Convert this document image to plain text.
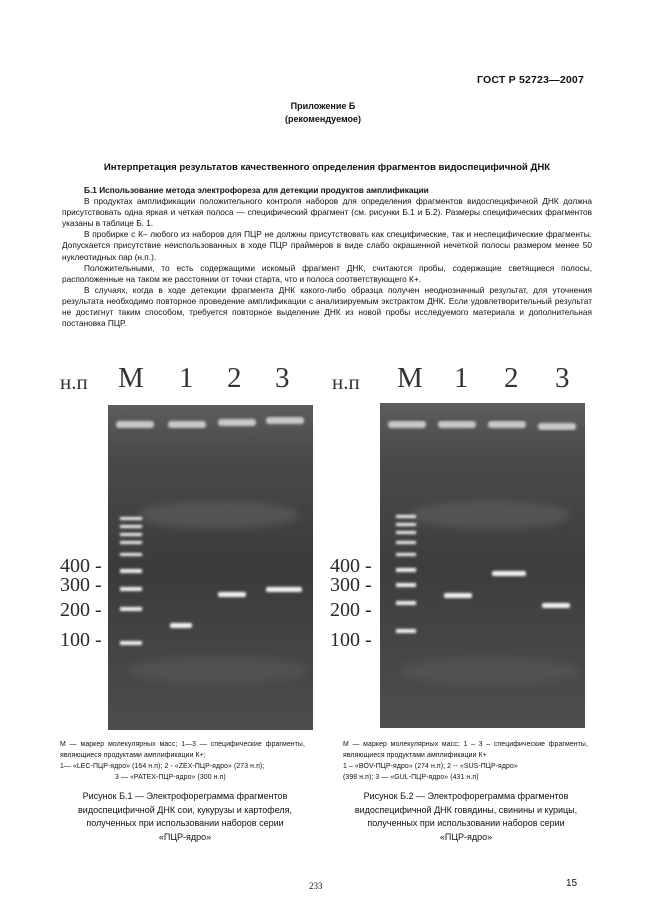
ГОСТ Р 52723—2007
Приложение Б
(рекомендуемое)
Интерпретация результатов качественного определения фрагментов видоспецифичной ДНК

Б.1 Использование метода электрофореза для детекции продуктов амплификации

В продуктах амплификации положительного контроля наборов для определения фрагментов видоспецифичной ДНК должна присутствовать одна яркая и четкая полоса — специфический фрагмент (см. рисунки Б.1 и Б.2). Размеры специфических фрагментов указаны в таблице Б. 1.

В пробирке с К– любого из наборов для ПЦР не должны присутствовать как специфические, так и неспецифические фрагменты. Допускается присутствие неиспользованных в ходе ПЦР праймеров в виде слабо окрашенной нечеткой полосы размером менее 50 нуклеотидных пар (н.п.).

Положительными, то есть содержащими искомый фрагмент ДНК, считаются пробы, содержащие светящиеся полосы, расположенные на таком же расстоянии от точки старта, что и полоса соответствующего К+.

В случаях, когда в ходе детекции фрагмента ДНК какого-либо образца получен неоднозначный результат, для уточнения результата необходимо повторное проведение амплификации с анализируемым экстрактом ДНК. Если удовлетворительный результат не достигнут таким способом, требуется повторное выделение ДНК из новой пробы исследуемого материала и дополнительная постановка ПЦР.

н.п M 1 2 3
400 -
300 -
200 -
100 -
М — маркер молекулярных масс; 1—3 — специфические фрагменты, являющиеся продуктами амплификации К+;
1— «LEC-ПЦР-ядро» (164 н.п); 2 - «ZEX-ПЦР-ядро» (273 н.п);
3 — «РАТЕХ-ПЦР-ядро» (300 н.п)
Рисунок Б.1 — Электрофореграмма фрагментов
видоспецифичной ДНК сои, кукурузы и картофеля,
полученных при использовании наборов серии
«ПЦР-ядро»
н.п M 1 2 3
400 -
300 -
200 -
100 -
М — маркер молекулярных масс; 1 – 3 – специфические фрагменты, являющиеся продуктами амплификации К+
1 – «BOV-ПЦР-ядро» (274 н.п); 2 -- «SUS-ПЦР-ядро»
(398 н.п); 3 — «GUL-ПЦР-ядро» (431 н.п)
Рисунок Б.2 — Электрофореграмма фрагментов
видоспецифичной ДНК говядины, свинины и курицы,
полученных при использовании наборов серии
«ПЦР-ядро»
233	15
